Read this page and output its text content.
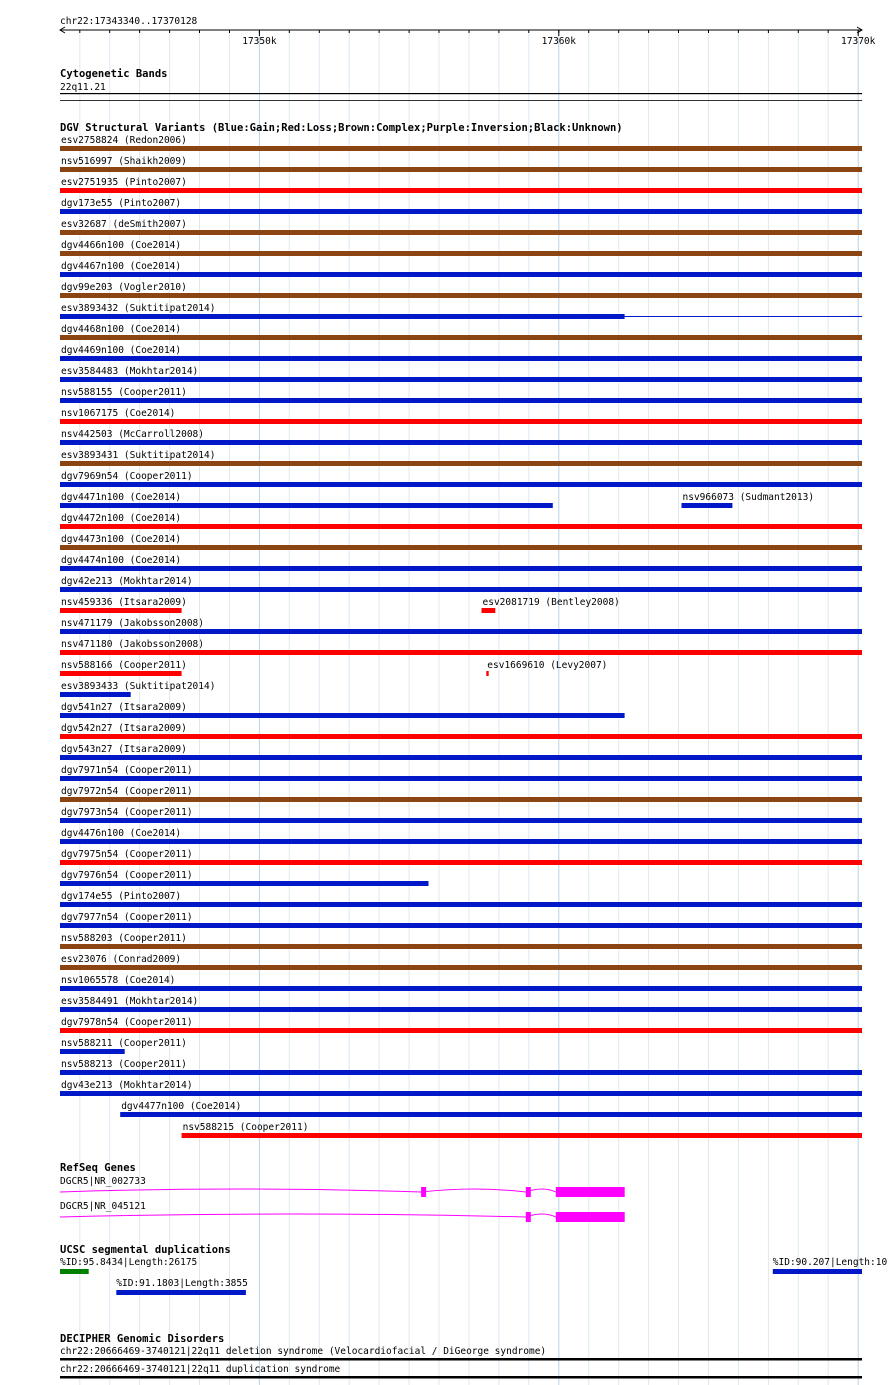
chr22:17343340..17370128
17350k	17360k	17370k
Cytogenetic Bands
22q11.21
DGV Structural Variants (Blue:Gain;Red:Loss;Brown:Complex;Purple:Inversion;Black:Unknown)
esv2758824 (Redon2006)
nsv516997 (Shaikh2009)
esv2751935 (Pinto2007)
dgv173e55 (Pinto2007)
esv32687 (deSmith2007)
dgv4466n100 (Coe2014)
dgv4467n100 (Coe2014)
dgv99e203 (Vogler2010)
esv3893432 (Suktitipat2014)
dgv4468n100 (Coe2014)
dgv4469n100 (Coe2014)
esv3584483 (Mokhtar2014)
nsv588155 (Cooper2011)
nsv1067175 (Coe2014)
nsv442503 (McCarroll2008)
esv3893431 (Suktitipat2014)
dgv7969n54 (Cooper2011)
dgv4471n100 (Coe2014)	nsv966073 (Sudmant2013)
dgv4472n100 (Coe2014)
dgv4473n100 (Coe2014)
dgv4474n100 (Coe2014)
dgv42e213 (Mokhtar2014)
nsv459336 (Itsara2009)	esv2081719 (Bentley2008)
nsv471179 (Jakobsson2008)
nsv471180 (Jakobsson2008)
nsv588166 (Cooper2011)	esv1669610 (Levy2007)
esv3893433 (Suktitipat2014)
dgv541n27 (Itsara2009)
dgv542n27 (Itsara2009)
dgv543n27 (Itsara2009)
dgv7971n54 (Cooper2011)
dgv7972n54 (Cooper2011)
dgv7973n54 (Cooper2011)
dgv4476n100 (Coe2014)
dgv7975n54 (Cooper2011)
dgv7976n54 (Cooper2011)
dgv174e55 (Pinto2007)
dgv7977n54 (Cooper2011)
nsv588203 (Cooper2011)
esv23076 (Conrad2009)
nsv1065578 (Coe2014)
esv3584491 (Mokhtar2014)
dgv7978n54 (Cooper2011)
nsv588211 (Cooper2011)
nsv588213 (Cooper2011)
dgv43e213 (Mokhtar2014)
dgv4477n100 (Coe2014)
nsv588215 (Cooper2011)
RefSeq Genes
DGCR5|NR_002733
DGCR5|NR_045121
UCSC segmental duplications
%ID:95.8434|Length:26175	%ID:90.207|Length:10
%ID:91.1803|Length:3855
DECIPHER Genomic Disorders
chr22:20666469-3740121|22q11 deletion syndrome (Velocardiofacial / DiGeorge syndrome)
chr22:20666469-3740121|22q11 duplication syndrome
